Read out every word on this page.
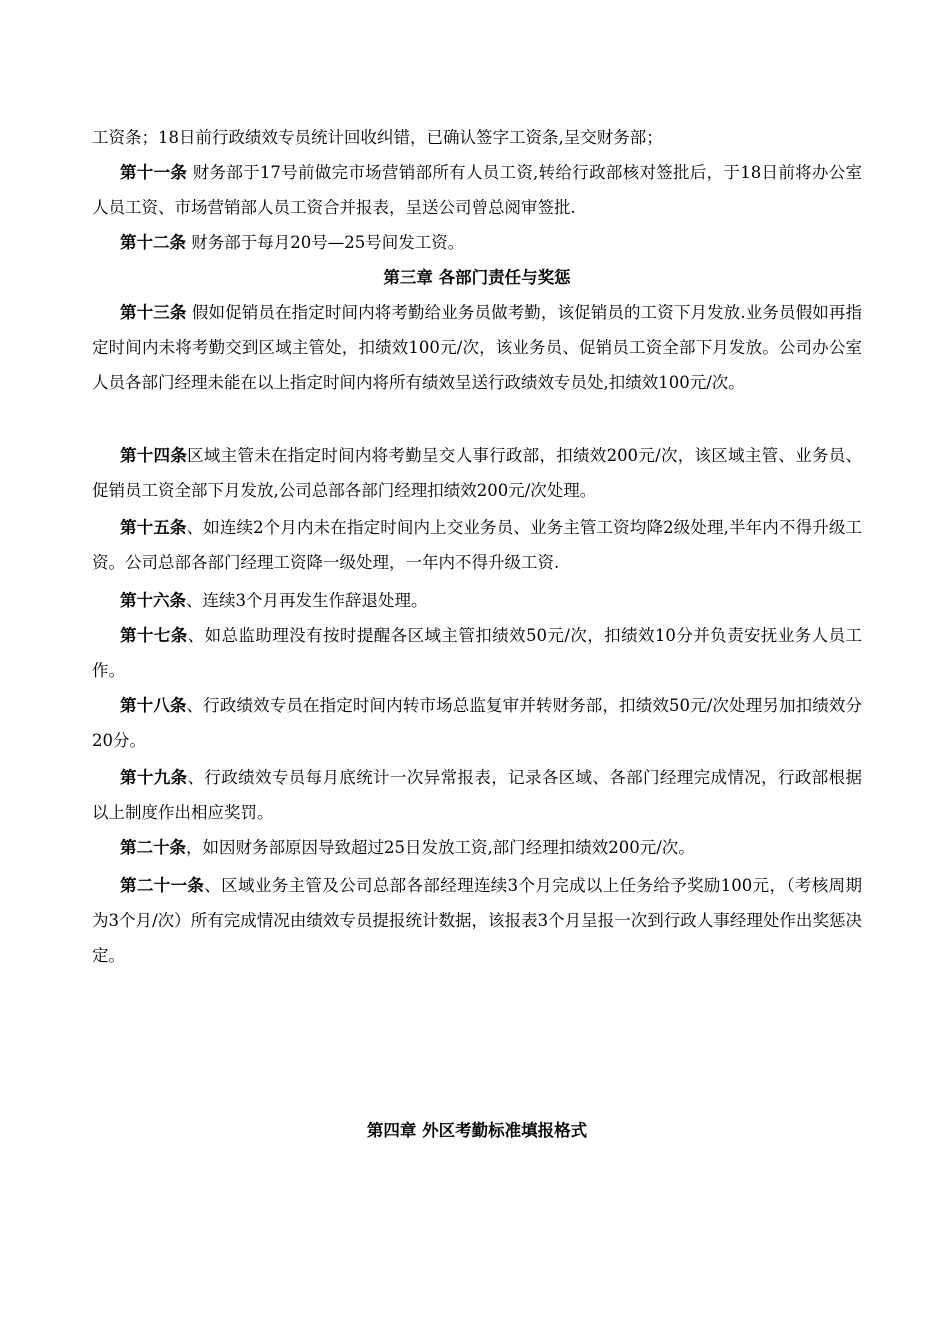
工资条；18日前行政绩效专员统计回收纠错，已确认签字工资条,呈交财务部；
第十一条 财务部于17号前做完市场营销部所有人员工资,转给行政部核对签批后，于18日前将办公室人员工资、市场营销部人员工资合并报表，呈送公司曾总阅审签批.
第十二条 财务部于每月20号—25号间发工资。
第三章 各部门责任与奖惩
第十三条 假如促销员在指定时间内将考勤给业务员做考勤，该促销员的工资下月发放.业务员假如再指定时间内未将考勤交到区域主管处，扣绩效100元/次，该业务员、促销员工资全部下月发放。公司办公室人员各部门经理未能在以上指定时间内将所有绩效呈送行政绩效专员处,扣绩效100元/次。
第十四条区域主管未在指定时间内将考勤呈交人事行政部，扣绩效200元/次，该区域主管、业务员、促销员工资全部下月发放,公司总部各部门经理扣绩效200元/次处理。
第十五条、如连续2个月内未在指定时间内上交业务员、业务主管工资均降2级处理,半年内不得升级工资。公司总部各部门经理工资降一级处理，一年内不得升级工资.
第十六条、连续3个月再发生作辞退处理。
第十七条、如总监助理没有按时提醒各区域主管扣绩效50元/次，扣绩效10分并负责安抚业务人员工作。
第十八条、行政绩效专员在指定时间内转市场总监复审并转财务部，扣绩效50元/次处理另加扣绩效分20分。
第十九条、行政绩效专员每月底统计一次异常报表，记录各区域、各部门经理完成情况，行政部根据以上制度作出相应奖罚。
第二十条，如因财务部原因导致超过25日发放工资,部门经理扣绩效200元/次。
第二十一条、区域业务主管及公司总部各部经理连续3个月完成以上任务给予奖励100元，（考核周期为3个月/次）所有完成情况由绩效专员提报统计数据，该报表3个月呈报一次到行政人事经理处作出奖惩决定。
第四章 外区考勤标准填报格式
